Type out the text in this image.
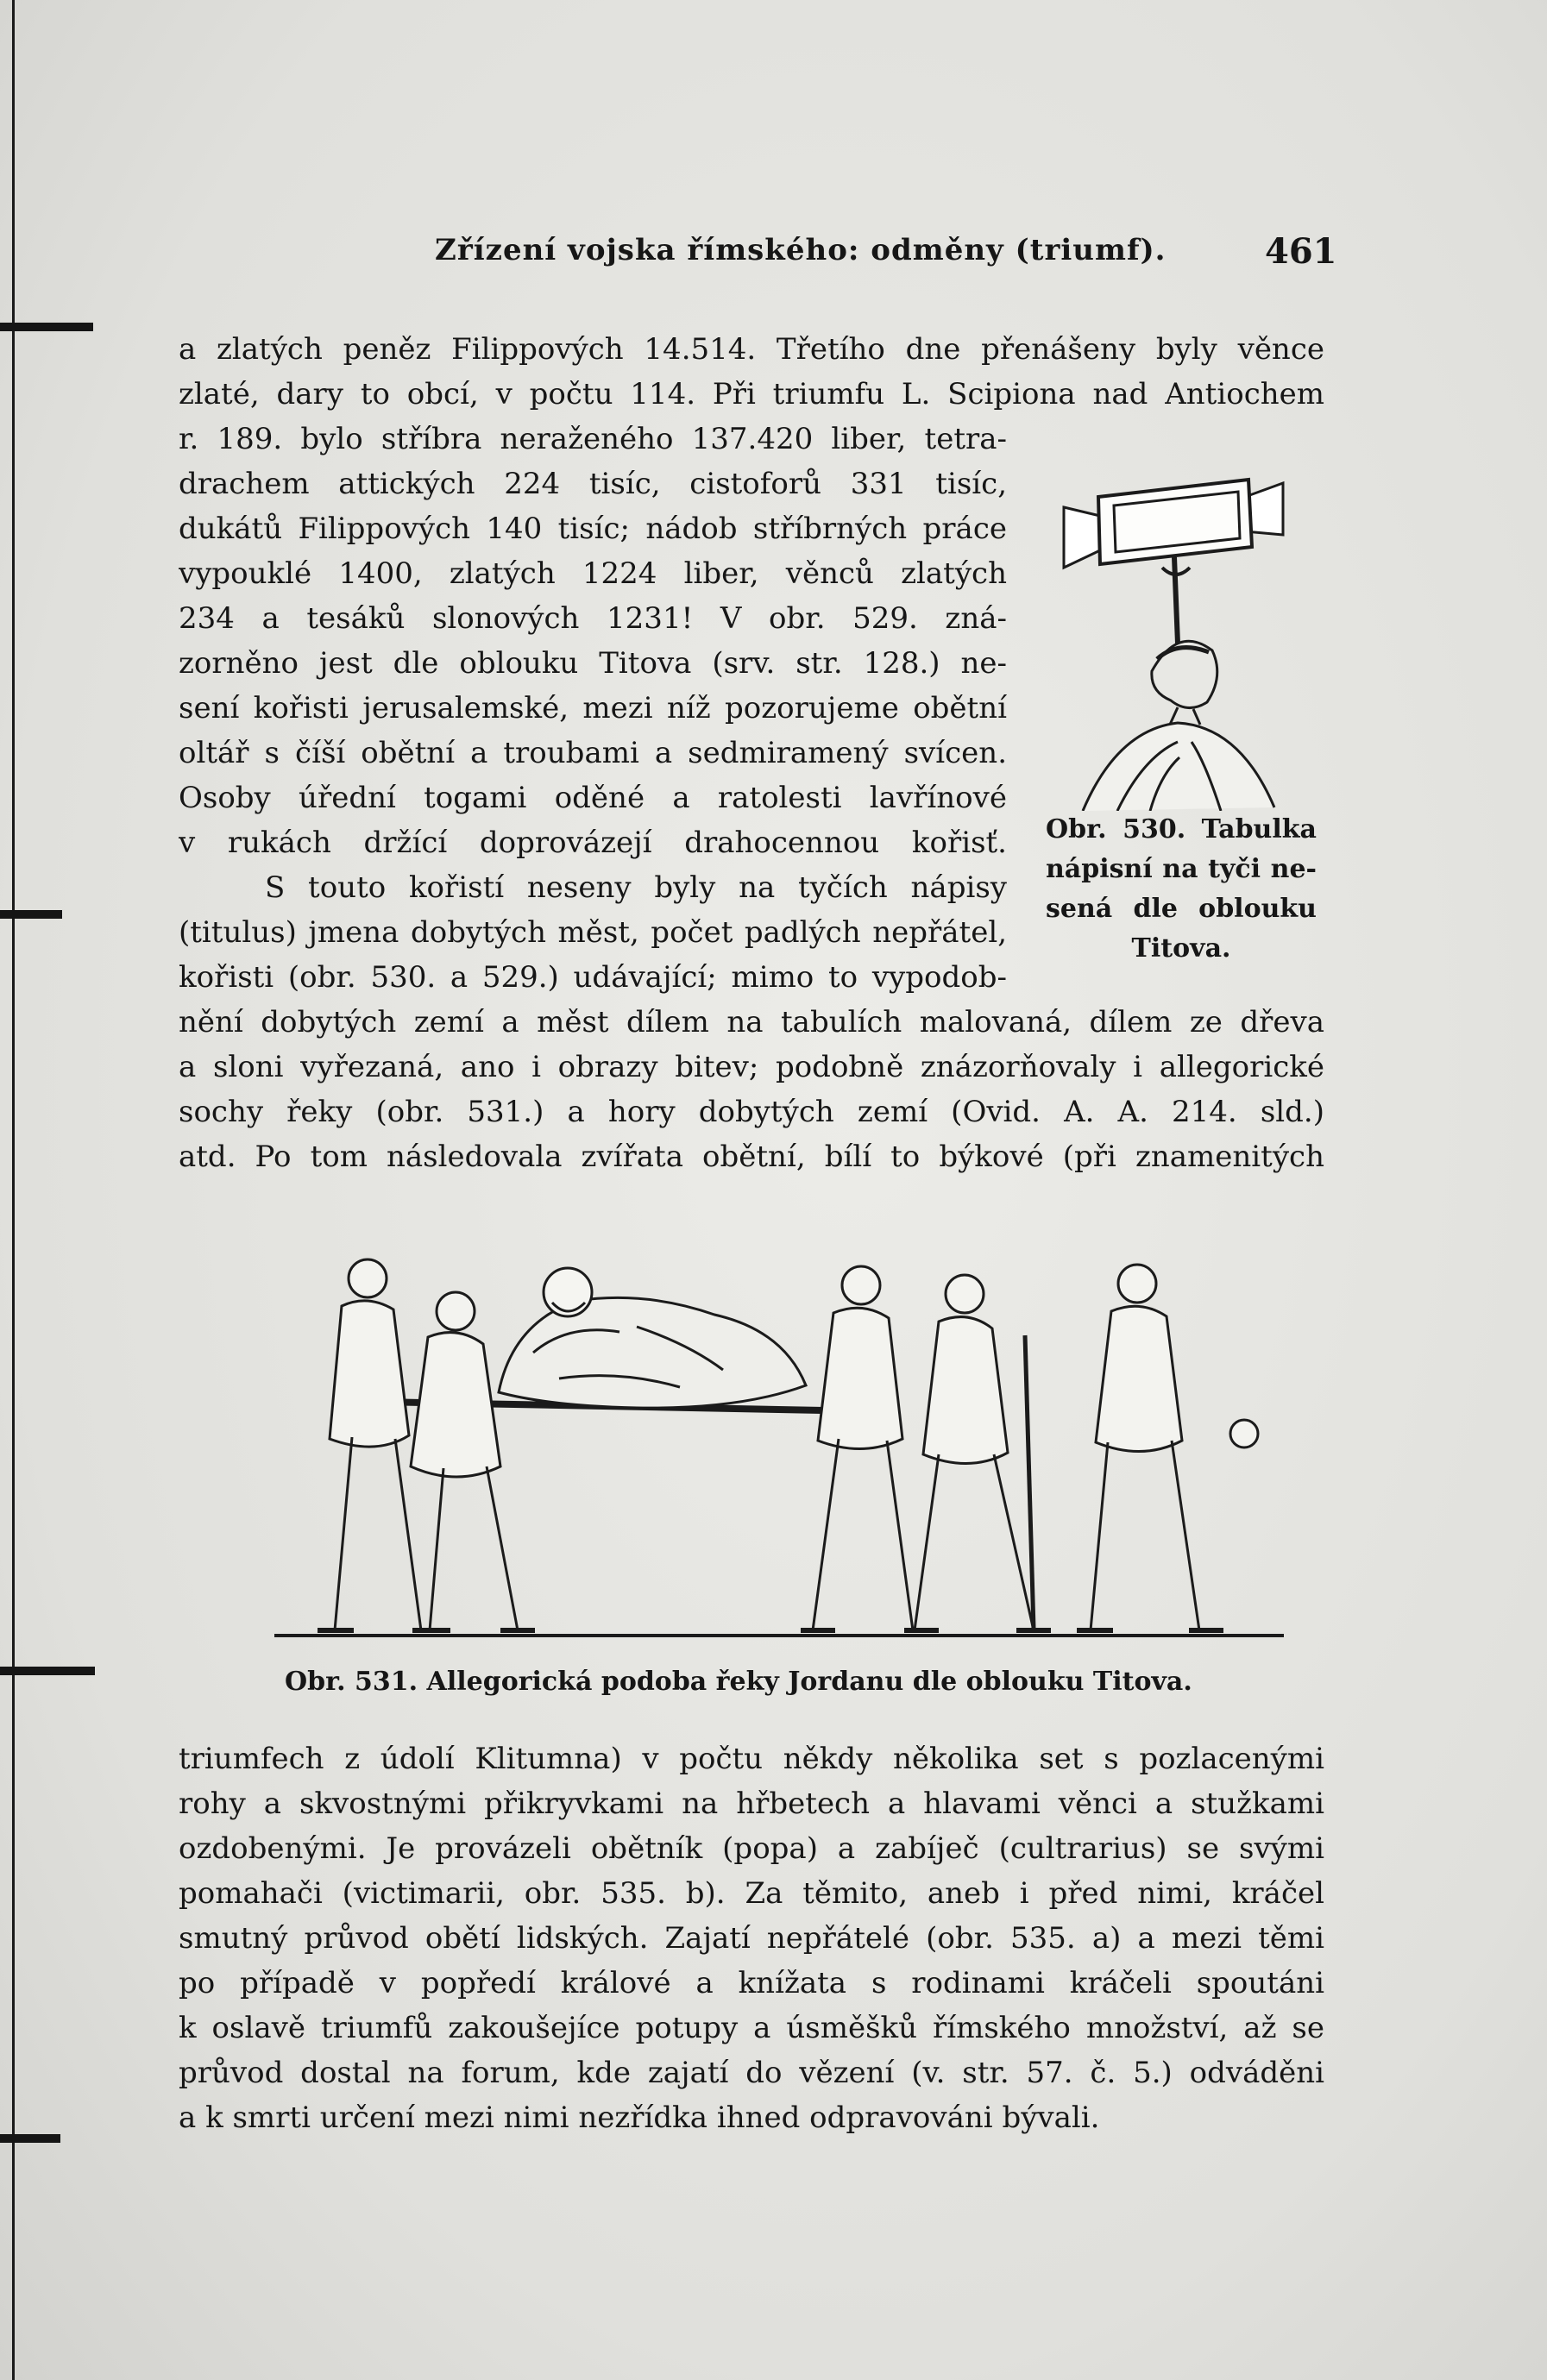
Zřízení vojska římského: odměny (triumf).	461
a zlatých peněz Filippových 14.514. Třetího dne přenášeny byly věnce
zlaté, dary to obcí, v počtu 114. Při triumfu L. Scipiona nad Antiochem
r. 189. bylo stříbra neraženého 137.420 liber, tetra-
drachem attických 224 tisíc, cistoforů 331 tisíc,
dukátů Filippových 140 tisíc; nádob stříbrných práce
vypouklé 1400, zlatých 1224 liber, věnců zlatých
234 a tesáků slonových 1231! V obr. 529. zná-
zorněno jest dle oblouku Titova (srv. str. 128.) ne-
sení kořisti jerusalemské, mezi níž pozorujeme obětní
oltář s číší obětní a troubami a sedmiramený svícen.
Osoby úřední togami oděné a ratolesti lavřínové
v rukách držící doprovázejí drahocennou kořisť.
S touto kořistí neseny byly na tyčích nápisy
(titulus) jmena dobytých měst, počet padlých nepřátel,
kořisti (obr. 530. a 529.) udávající; mimo to vypodob-
nění dobytých zemí a měst dílem na tabulích malovaná, dílem ze dřeva
a sloni vyřezaná, ano i obrazy bitev; podobně znázorňovaly i allegorické
sochy řeky (obr. 531.) a hory dobytých zemí (Ovid. A. A. 214. sld.)
atd. Po tom následovala zvířata obětní, bílí to býkové (při znamenitých
Obr. 530. Tabulka
nápisní na tyči ne-
sená dle oblouku
Titova.
Obr. 531. Allegorická podoba řeky Jordanu dle oblouku Titova.
triumfech z údolí Klitumna) v počtu někdy několika set s pozlacenými
rohy a skvostnými přikryvkami na hřbetech a hlavami věnci a stužkami
ozdobenými. Je provázeli obětník (popa) a zabíječ (cultrarius) se svými
pomahači (victimarii, obr. 535. b). Za těmito, aneb i před nimi, kráčel
smutný průvod obětí lidských. Zajatí nepřátelé (obr. 535. a) a mezi těmi
po případě v popředí králové a knížata s rodinami kráčeli spoutáni
k oslavě triumfů zakoušejíce potupy a úsměšků římského množství, až se
průvod dostal na forum, kde zajatí do vězení (v. str. 57. č. 5.) odváděni
a k smrti určení mezi nimi nezřídka ihned odpravováni bývali.
